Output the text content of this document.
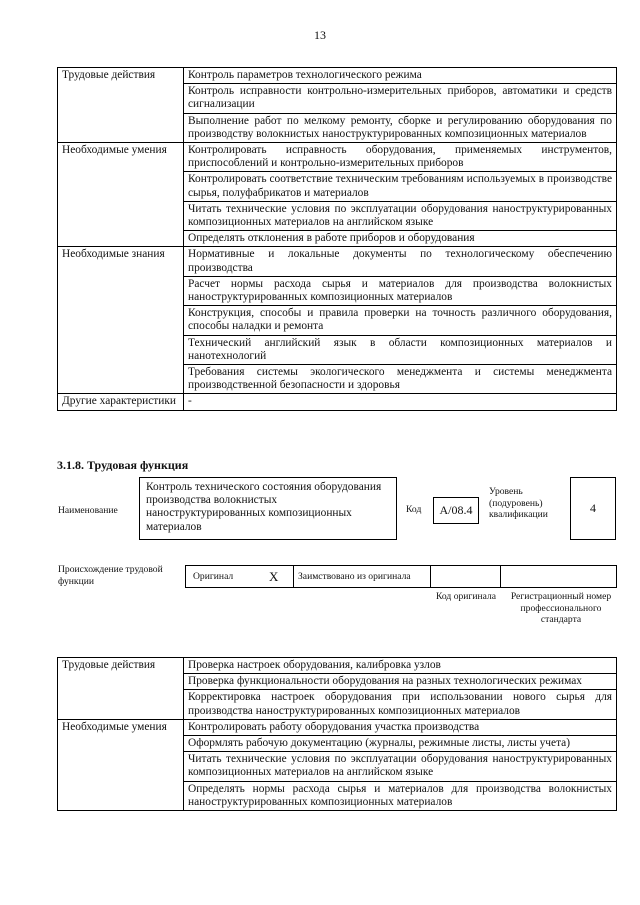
13
Трудовые действия	Контроль параметров технологического режима
	Контроль исправности контрольно-измерительных приборов, автоматики и средств сигнализации
	Выполнение работ по мелкому ремонту, сборке и регулированию оборудования по производству волокнистых наноструктурированных композиционных материалов
Необходимые умения	Контролировать исправность оборудования, применяемых инструментов, приспособлений и контрольно-измерительных приборов
	Контролировать соответствие техническим требованиям используемых в производстве сырья, полуфабрикатов и материалов
	Читать технические условия по эксплуатации оборудования наноструктурированных композиционных материалов на английском языке
	Определять отклонения в работе приборов и оборудования
Необходимые знания	Нормативные и локальные документы по технологическому обеспечению производства
	Расчет нормы расхода сырья и материалов для производства волокнистых наноструктурированных композиционных материалов
	Конструкция, способы и правила проверки на точность различного оборудования, способы наладки и ремонта
	Технический английский язык в области композиционных материалов и нанотехнологий
	Требования системы экологического менеджмента и системы менеджмента производственной безопасности и здоровья
Другие характеристики	-
3.1.8. Трудовая функция
Наименование
Контроль технического состояния оборудования производства волокнистых наноструктурированных композиционных материалов
Код	A/08.4
Уровень (подуровень) квалификации	4
Происхождение трудовой функции	Оригинал	X Заимствовано из оригинала
Код оригинала	Регистрационный номер профессионального стандарта
Трудовые действия	Проверка настроек оборудования, калибровка узлов
	Проверка функциональности оборудования на разных технологических режимах
	Корректировка настроек оборудования при использовании нового сырья для производства наноструктурированных композиционных материалов
Необходимые умения	Контролировать работу оборудования участка производства
	Оформлять рабочую документацию (журналы, режимные листы, листы учета)
	Читать технические условия по эксплуатации оборудования наноструктурированных композиционных материалов на английском языке
	Определять нормы расхода сырья и материалов для производства волокнистых наноструктурированных композиционных материалов
